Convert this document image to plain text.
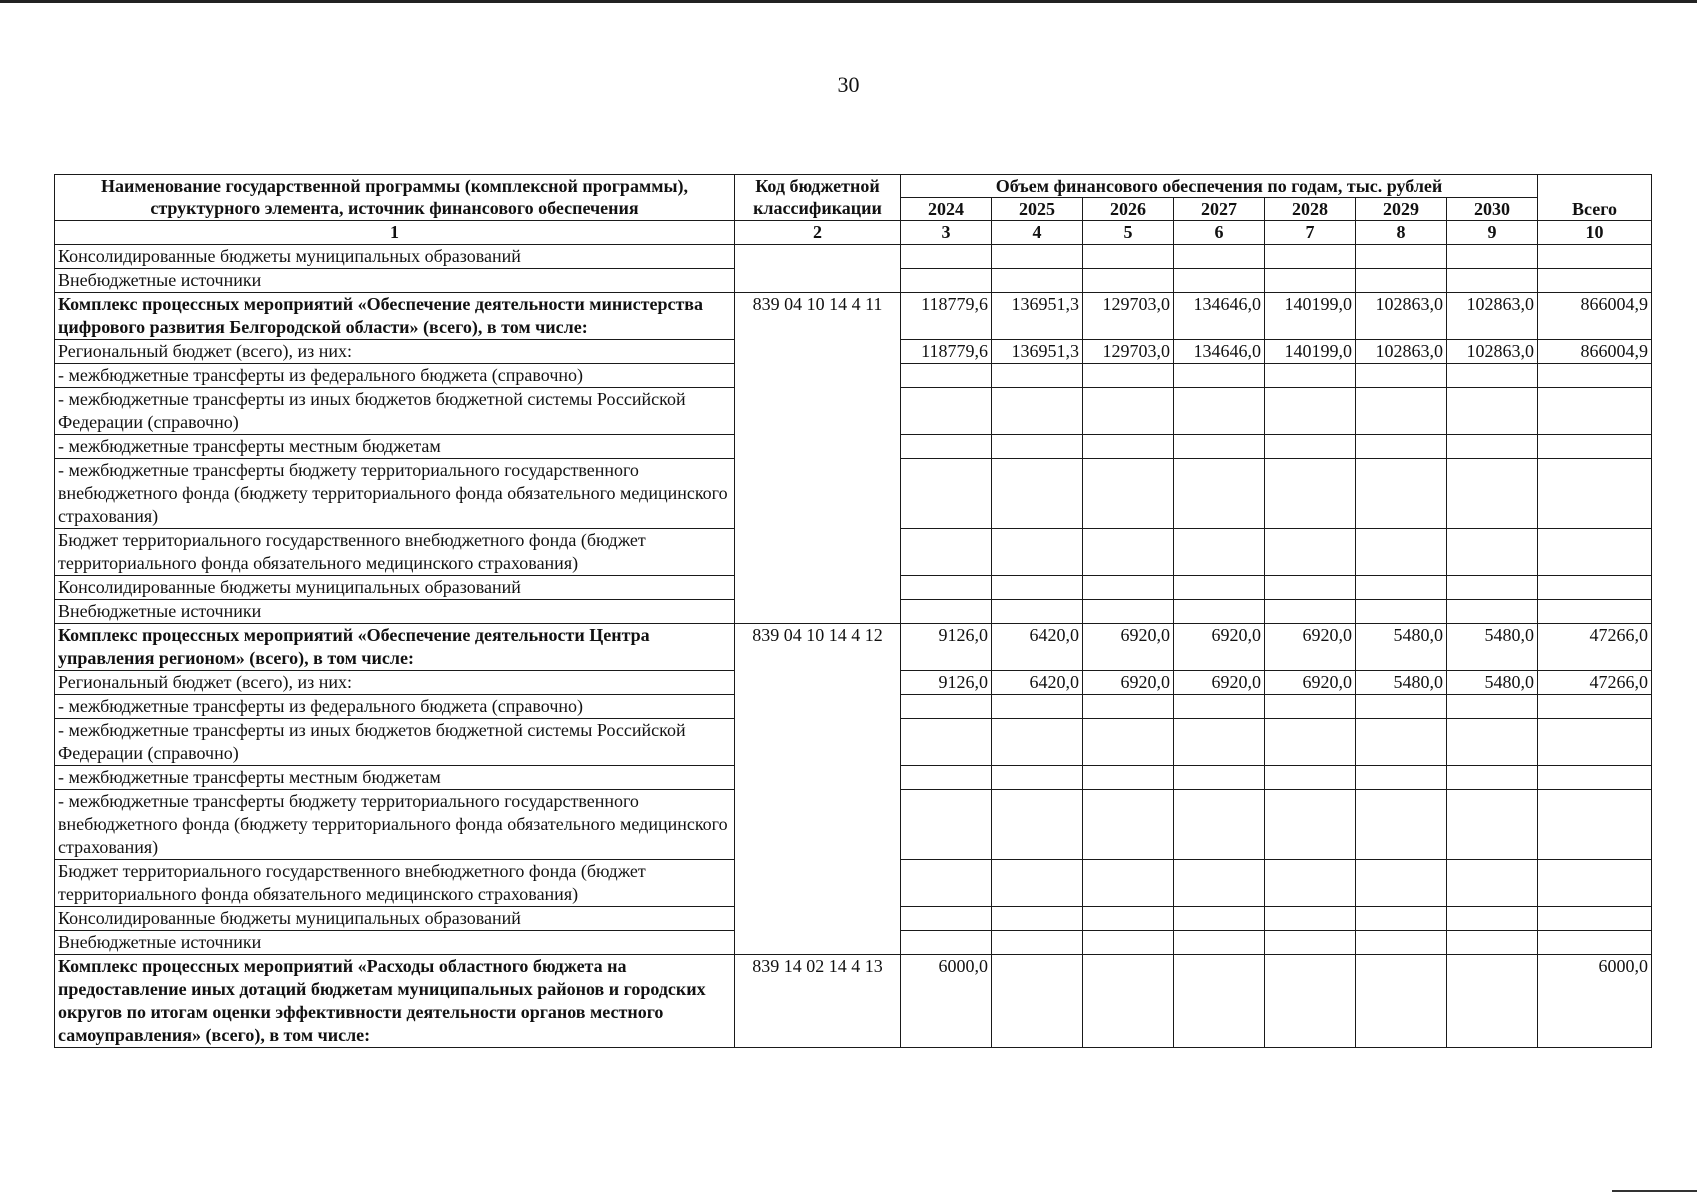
30
Наименование государственной программы (комплексной программы), структурного элемента, источник финансового обеспечения	Код бюджетной классификации	Объем финансового обеспечения по годам, тыс. рублей							Всего
		2024	2025	2026	2027	2028	2029	2030	
1	2	3	4	5	6	7	8	9	10
Консолидированные бюджеты муниципальных образований									
Внебюджетные источники									
Комплекс процессных мероприятий «Обеспечение деятельности министерства цифрового развития Белгородской области» (всего), в том числе:	839 04 10 14 4 11	118779,6	136951,3	129703,0	134646,0	140199,0	102863,0	102863,0	866004,9
Региональный бюджет (всего), из них:		118779,6	136951,3	129703,0	134646,0	140199,0	102863,0	102863,0	866004,9
- межбюджетные трансферты из федерального бюджета (справочно)									
- межбюджетные трансферты из иных бюджетов бюджетной системы Российской Федерации (справочно)									
- межбюджетные трансферты местным бюджетам									
- межбюджетные трансферты бюджету территориального государственного внебюджетного фонда (бюджету территориального фонда обязательного медицинского страхования)									
Бюджет территориального государственного внебюджетного фонда (бюджет территориального фонда обязательного медицинского страхования)									
Консолидированные бюджеты муниципальных образований									
Внебюджетные источники									
Комплекс процессных мероприятий «Обеспечение деятельности Центра управления регионом» (всего), в том числе:	839 04 10 14 4 12	9126,0	6420,0	6920,0	6920,0	6920,0	5480,0	5480,0	47266,0
Региональный бюджет (всего), из них:		9126,0	6420,0	6920,0	6920,0	6920,0	5480,0	5480,0	47266,0
- межбюджетные трансферты из федерального бюджета (справочно)									
- межбюджетные трансферты из иных бюджетов бюджетной системы Российской Федерации (справочно)									
- межбюджетные трансферты местным бюджетам									
- межбюджетные трансферты бюджету территориального государственного внебюджетного фонда (бюджету территориального фонда обязательного медицинского страхования)									
Бюджет территориального государственного внебюджетного фонда (бюджет территориального фонда обязательного медицинского страхования)									
Консолидированные бюджеты муниципальных образований									
Внебюджетные источники									
Комплекс процессных мероприятий «Расходы областного бюджета на предоставление иных дотаций бюджетам муниципальных районов и городских округов по итогам оценки эффективности деятельности органов местного самоуправления» (всего), в том числе:	839 14 02 14 4 13	6000,0							6000,0
